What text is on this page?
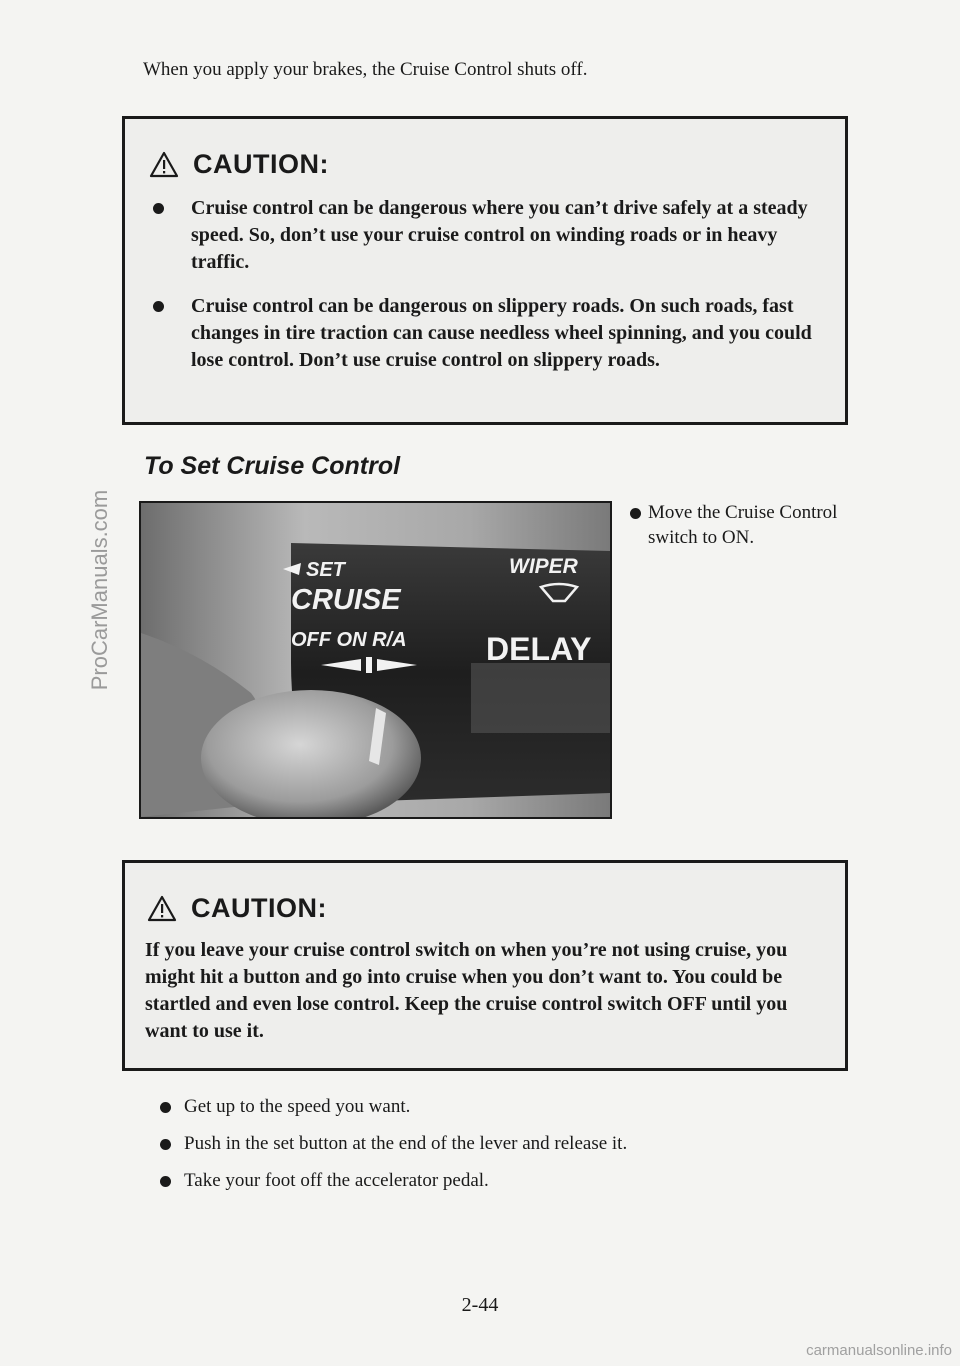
ProCarManuals.com

When you apply your brakes, the Cruise Control shuts off.

CAUTION:
Cruise control can be dangerous where you can’t drive safely at a steady speed. So, don’t use your cruise control on winding roads or in heavy traffic.
Cruise control can be dangerous on slippery roads. On such roads, fast changes in tire traction can cause needless wheel spinning, and you could lose control. Don’t use cruise control on slippery roads.
To Set Cruise Control
SET
CRUISE
OFF ON R/A
WIPER
DELAY
Move the Cruise Control switch to ON.
CAUTION:

If you leave your cruise control switch on when you’re not using cruise, you might hit a button and go into cruise when you don’t want to. You could be startled and even lose control. Keep the cruise control switch OFF until you want to use it.

Get up to the speed you want.
Push in the set button at the end of the lever and release it.
Take your foot off the accelerator pedal.
2-44
carmanualsonline.info
